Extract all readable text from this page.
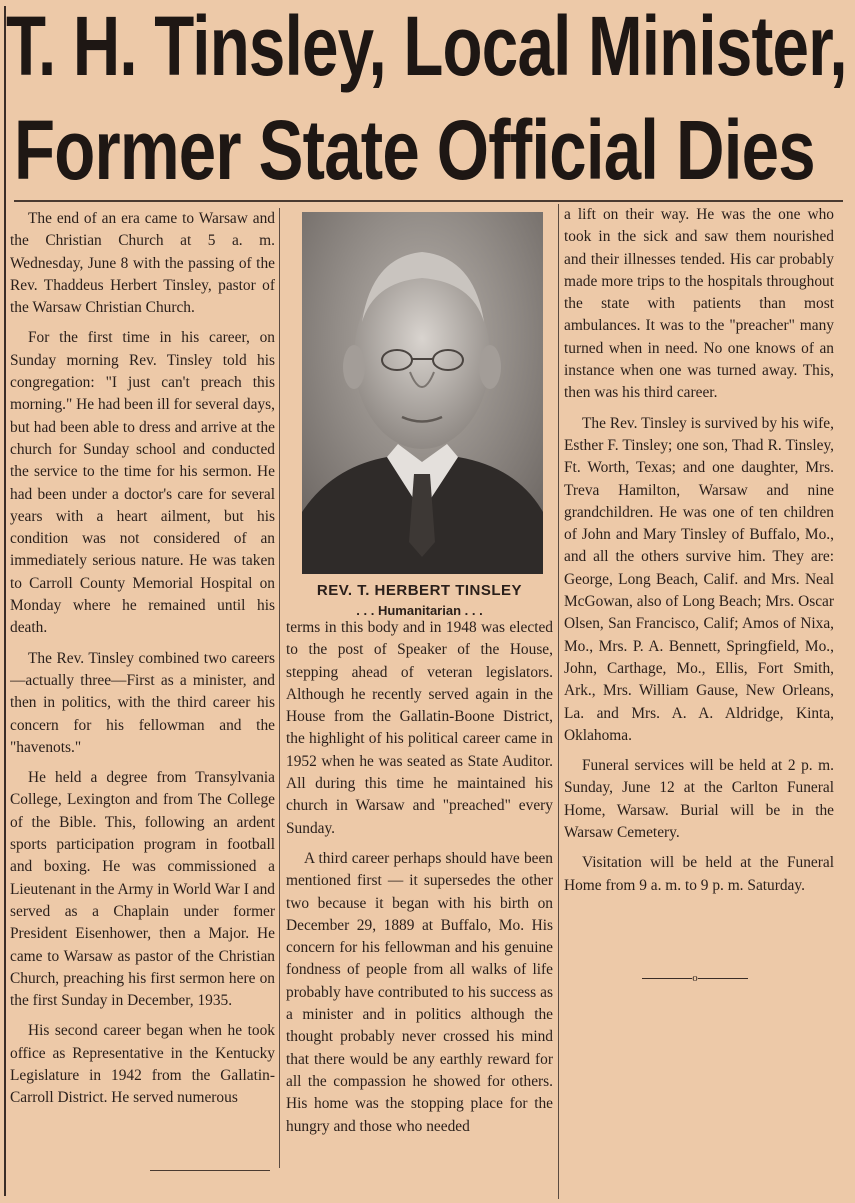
T. H. Tinsley, Local Minister,
Former State Official Dies

The end of an era came to Warsaw and the Christian Church at 5 a. m. Wednesday, June 8 with the passing of the Rev. Thaddeus Herbert Tinsley, pastor of the Warsaw Christian Church.

For the first time in his career, on Sunday morning Rev. Tinsley told his congregation: "I just can't preach this morning." He had been ill for several days, but had been able to dress and arrive at the church for Sunday school and conducted the service to the time for his sermon. He had been under a doctor's care for several years with a heart ailment, but his condition was not considered of an immediately serious nature. He was taken to Carroll County Memorial Hospital on Monday where he remained until his death.

The Rev. Tinsley combined two careers—actually three—First as a minister, and then in politics, with the third career his concern for his fellowman and the "havenots."

He held a degree from Transylvania College, Lexington and from The College of the Bible. This, following an ardent sports participation program in football and boxing. He was commissioned a Lieutenant in the Army in World War I and served as a Chaplain under former President Eisenhower, then a Major. He came to Warsaw as pastor of the Christian Church, preaching his first sermon here on the first Sunday in December, 1935.

His second career began when he took office as Representative in the Kentucky Legislature in 1942 from the Gallatin-Carroll District. He served numerous

REV. T. HERBERT TINSLEY
. . . Humanitarian . . .

terms in this body and in 1948 was elected to the post of Speaker of the House, stepping ahead of veteran legislators. Although he recently served again in the House from the Gallatin-Boone District, the highlight of his political career came in 1952 when he was seated as State Auditor. All during this time he maintained his church in Warsaw and "preached" every Sunday.

A third career perhaps should have been mentioned first — it supersedes the other two because it began with his birth on December 29, 1889 at Buffalo, Mo. His concern for his fellowman and his genuine fondness of people from all walks of life probably have contributed to his success as a minister and in politics although the thought probably never crossed his mind that there would be any earthly reward for all the compassion he showed for others. His home was the stopping place for the hungry and those who needed

a lift on their way. He was the one who took in the sick and saw them nourished and their illnesses tended. His car probably made more trips to the hospitals throughout the state with patients than most ambulances. It was to the "preacher" many turned when in need. No one knows of an instance when one was turned away. This, then was his third career.

The Rev. Tinsley is survived by his wife, Esther F. Tinsley; one son, Thad R. Tinsley, Ft. Worth, Texas; and one daughter, Mrs. Treva Hamilton, Warsaw and nine grandchildren. He was one of ten children of John and Mary Tinsley of Buffalo, Mo., and all the others survive him. They are: George, Long Beach, Calif. and Mrs. Neal McGowan, also of Long Beach; Mrs. Oscar Olsen, San Francisco, Calif; Amos of Nixa, Mo., Mrs. P. A. Bennett, Springfield, Mo., John, Carthage, Mo., Ellis, Fort Smith, Ark., Mrs. William Gause, New Orleans, La. and Mrs. A. A. Aldridge, Kinta, Oklahoma.

Funeral services will be held at 2 p. m. Sunday, June 12 at the Carlton Funeral Home, Warsaw. Burial will be in the Warsaw Cemetery.

Visitation will be held at the Funeral Home from 9 a. m. to 9 p. m. Saturday.

o
